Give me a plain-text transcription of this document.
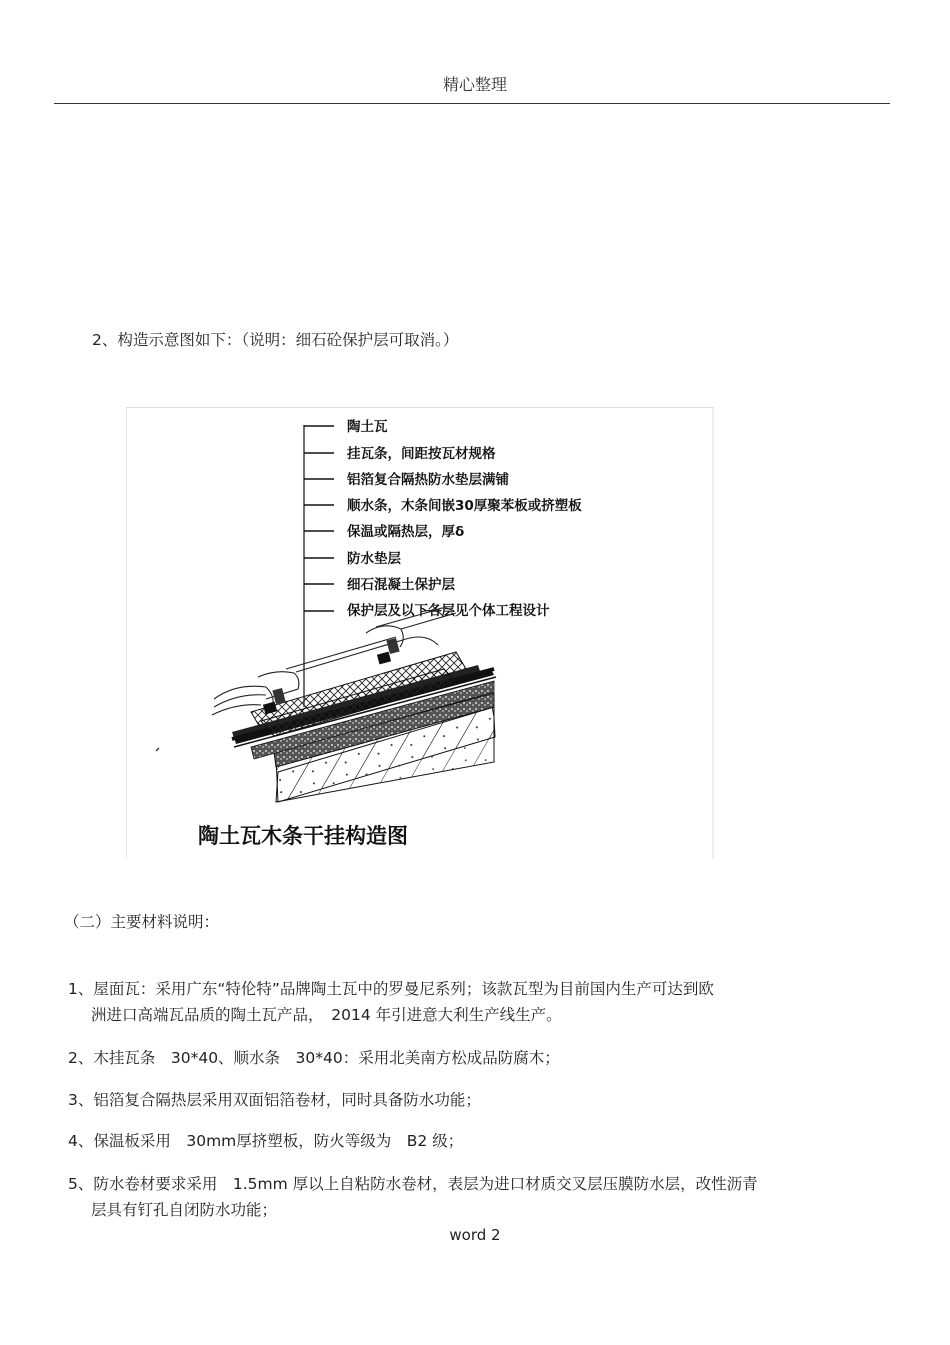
精心整理
2、构造示意图如下：（说明：细石砼保护层可取消。）
陶土瓦
挂瓦条，间距按瓦材规格
铝箔复合隔热防水垫层满铺
顺水条，木条间嵌30厚聚苯板或挤塑板
保温或隔热层，厚δ
防水垫层
细石混凝土保护层
保护层及以下各层见个体工程设计
陶土瓦木条干挂构造图
（二）主要材料说明：
1、屋面瓦：采用广东“特伦特”品牌陶土瓦中的罗曼尼系列；该款瓦型为目前国内生产可达到欧
洲进口高端瓦品质的陶土瓦产品，　2014 年引进意大利生产线生产。
2、木挂瓦条　30*40、顺水条　30*40：采用北美南方松成品防腐木；
3、铝箔复合隔热层采用双面铝箔卷材，同时具备防水功能；
4、保温板采用　30mm厚挤塑板，防火等级为　B2 级；
5、防水卷材要求采用　1.5mm 厚以上自粘防水卷材，表层为进口材质交叉层压膜防水层，改性沥青
层具有钉孔自闭防水功能；
word 2
